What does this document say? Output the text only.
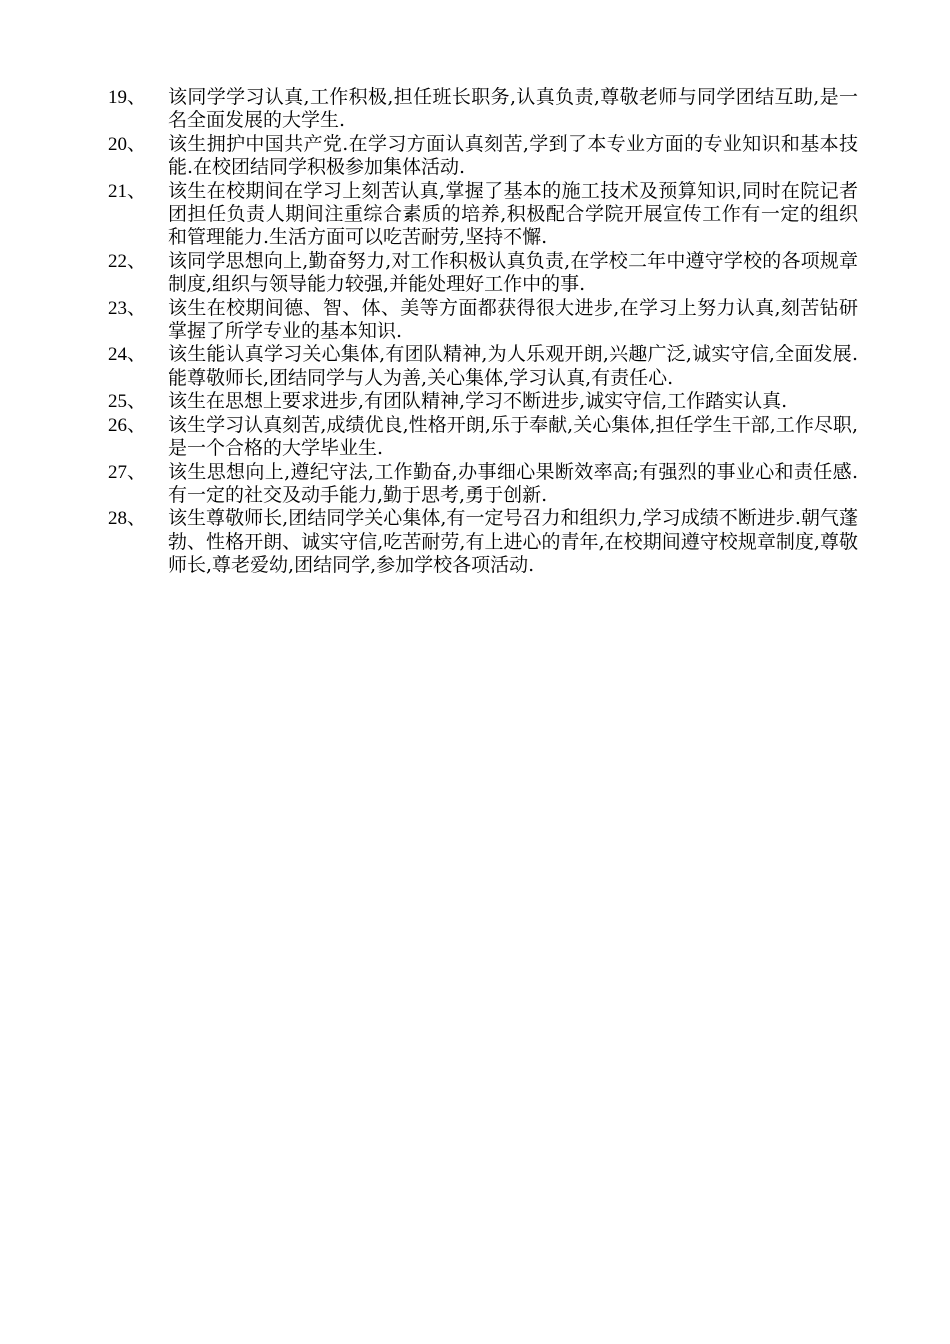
19、	该同学学习认真,工作积极,担任班长职务,认真负责,尊敬老师与同学团结互助,是一名全面发展的大学生.
20、	该生拥护中国共产党.在学习方面认真刻苦,学到了本专业方面的专业知识和基本技能.在校团结同学积极参加集体活动.
21、	该生在校期间在学习上刻苦认真,掌握了基本的施工技术及预算知识,同时在院记者团担任负责人期间注重综合素质的培养,积极配合学院开展宣传工作有一定的组织和管理能力.生活方面可以吃苦耐劳,坚持不懈.
22、	该同学思想向上,勤奋努力,对工作积极认真负责,在学校二年中遵守学校的各项规章制度,组织与领导能力较强,并能处理好工作中的事.
23、	该生在校期间德、智、体、美等方面都获得很大进步,在学习上努力认真,刻苦钻研掌握了所学专业的基本知识.
24、	该生能认真学习关心集体,有团队精神,为人乐观开朗,兴趣广泛,诚实守信,全面发展.能尊敬师长,团结同学与人为善,关心集体,学习认真,有责任心.
25、	该生在思想上要求进步,有团队精神,学习不断进步,诚实守信,工作踏实认真.
26、	该生学习认真刻苦,成绩优良,性格开朗,乐于奉献,关心集体,担任学生干部,工作尽职,是一个合格的大学毕业生.
27、	该生思想向上,遵纪守法,工作勤奋,办事细心果断效率高;有强烈的事业心和责任感.有一定的社交及动手能力,勤于思考,勇于创新.
28、	该生尊敬师长,团结同学关心集体,有一定号召力和组织力,学习成绩不断进步.朝气蓬勃、性格开朗、诚实守信,吃苦耐劳,有上进心的青年,在校期间遵守校规章制度,尊敬师长,尊老爱幼,团结同学,参加学校各项活动.
